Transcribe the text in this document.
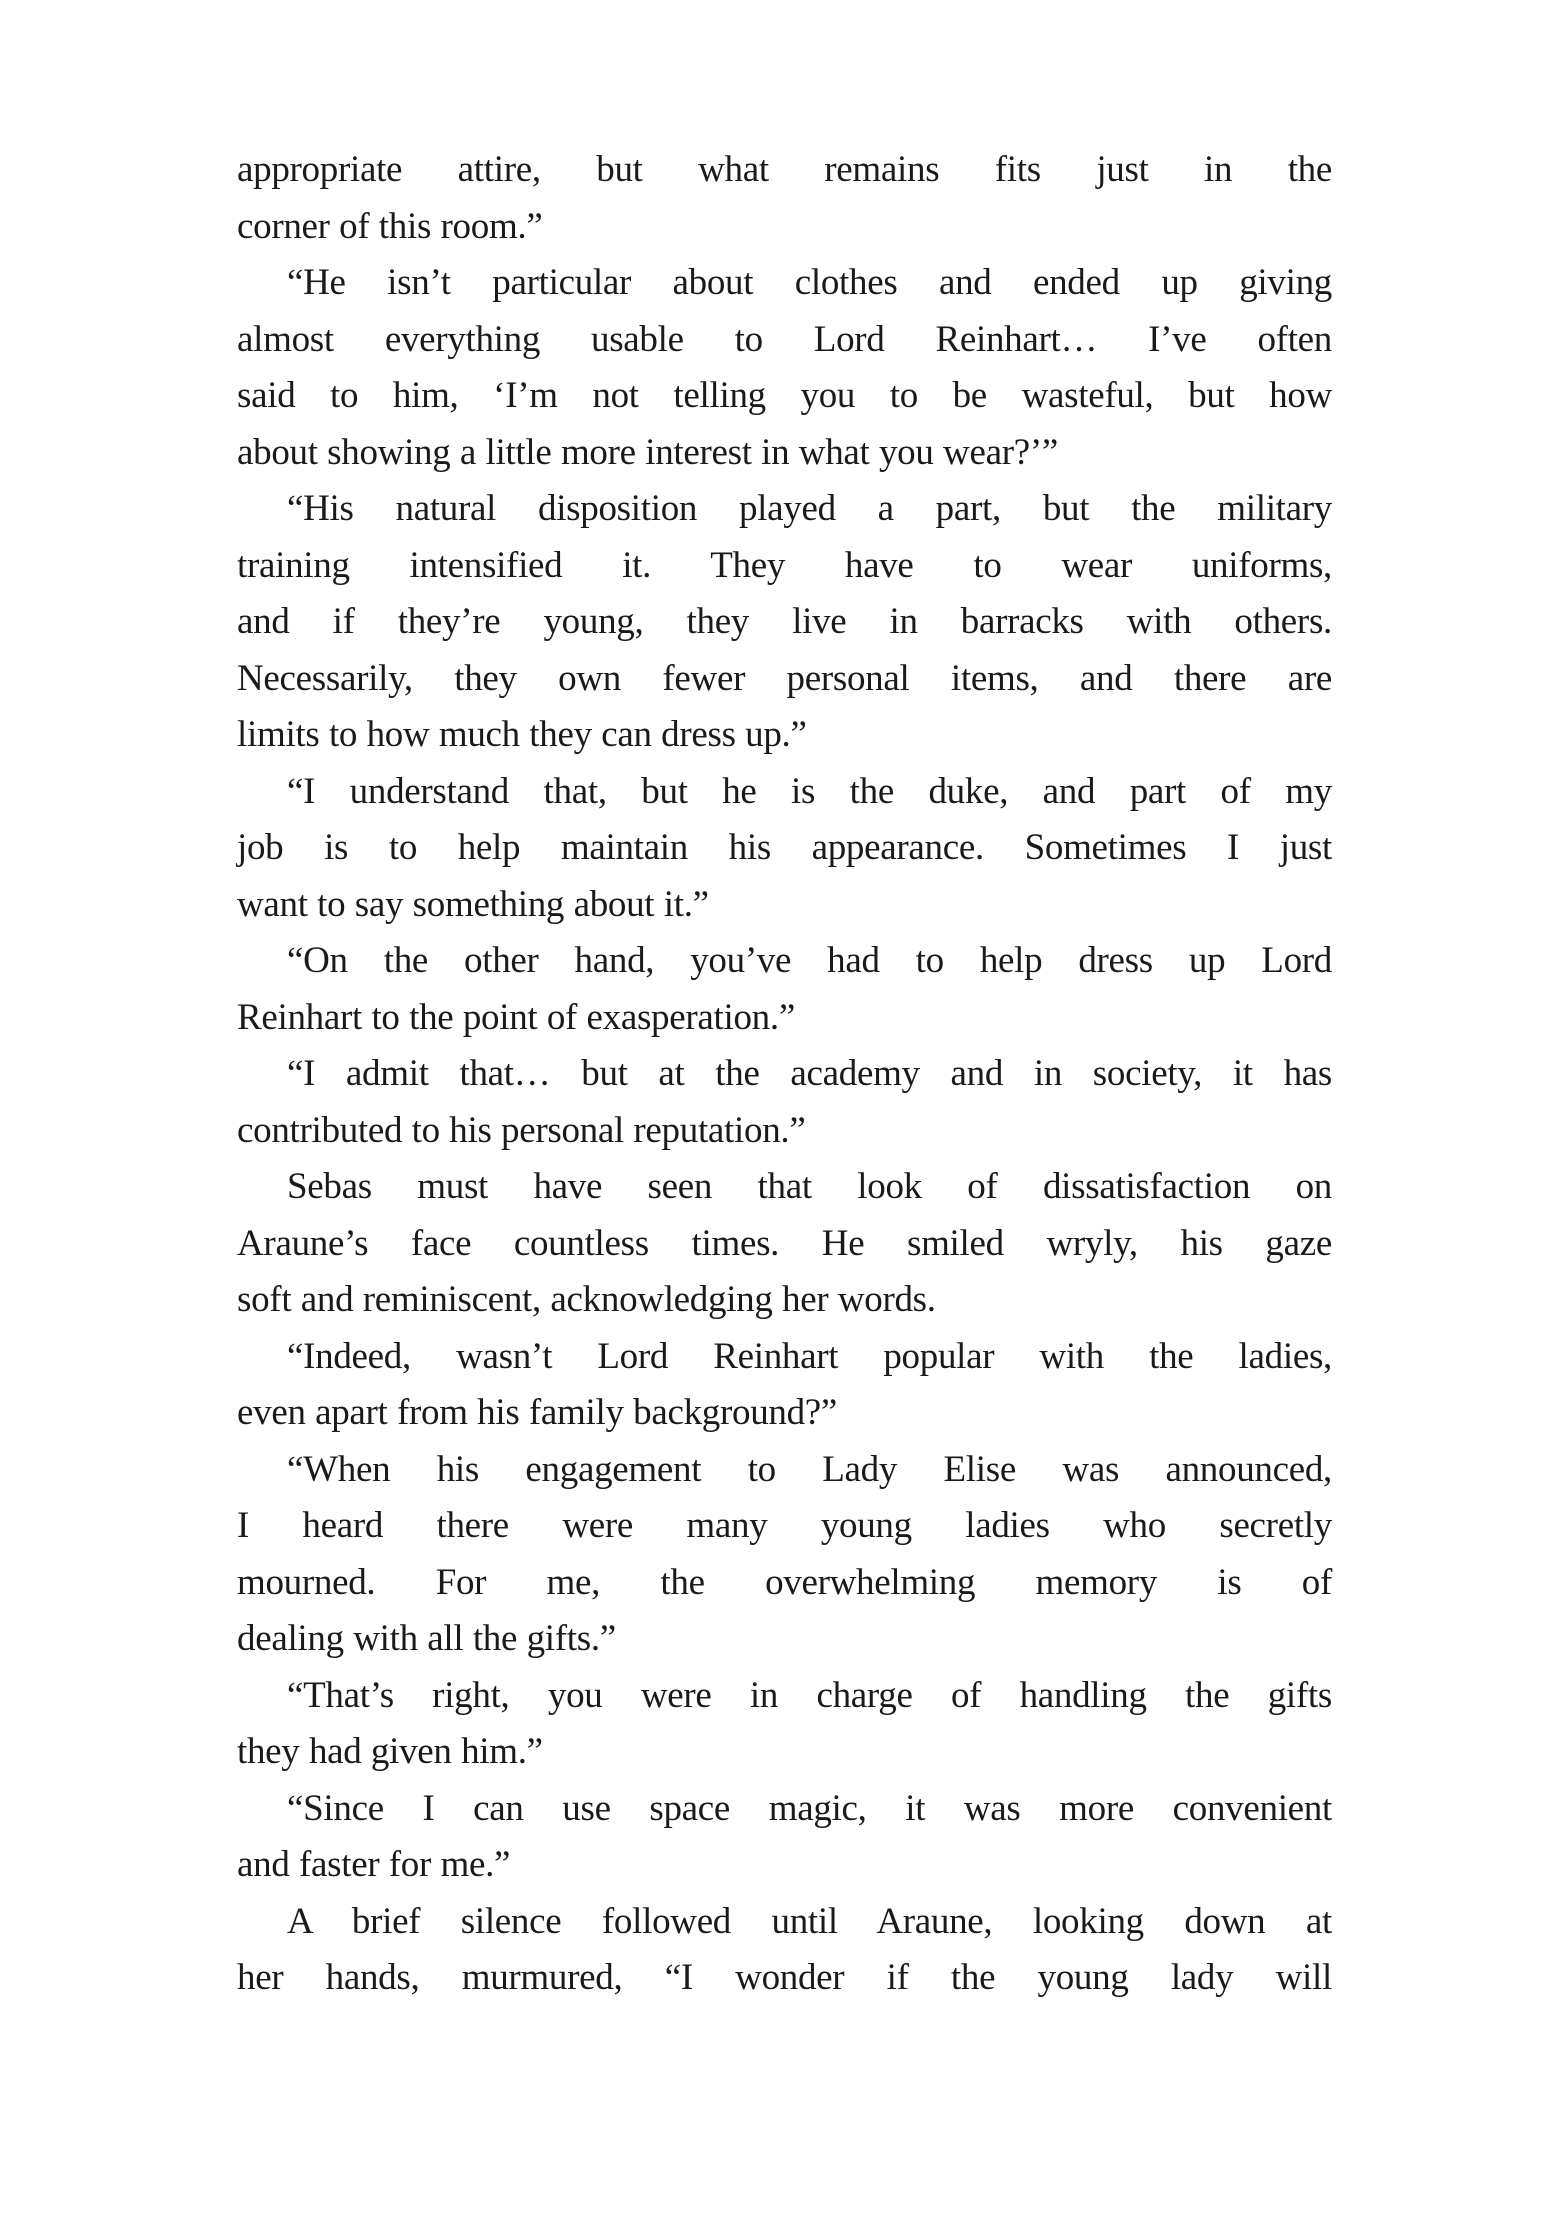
appropriate attire, but what remains fits just in the
corner of this room.”
“He isn’t particular about clothes and ended up giving
almost everything usable to Lord Reinhart… I’ve often
said to him, ‘I’m not telling you to be wasteful, but how
about showing a little more interest in what you wear?’”
“His natural disposition played a part, but the military
training intensified it. They have to wear uniforms,
and if they’re young, they live in barracks with others.
Necessarily, they own fewer personal items, and there are
limits to how much they can dress up.”
“I understand that, but he is the duke, and part of my
job is to help maintain his appearance. Sometimes I just
want to say something about it.”
“On the other hand, you’ve had to help dress up Lord
Reinhart to the point of exasperation.”
“I admit that… but at the academy and in society, it has
contributed to his personal reputation.”
Sebas must have seen that look of dissatisfaction on
Araune’s face countless times. He smiled wryly, his gaze
soft and reminiscent, acknowledging her words.
“Indeed, wasn’t Lord Reinhart popular with the ladies,
even apart from his family background?”
“When his engagement to Lady Elise was announced,
I heard there were many young ladies who secretly
mourned. For me, the overwhelming memory is of
dealing with all the gifts.”
“That’s right, you were in charge of handling the gifts
they had given him.”
“Since I can use space magic, it was more convenient
and faster for me.”
A brief silence followed until Araune, looking down at
her hands, murmured, “I wonder if the young lady will
